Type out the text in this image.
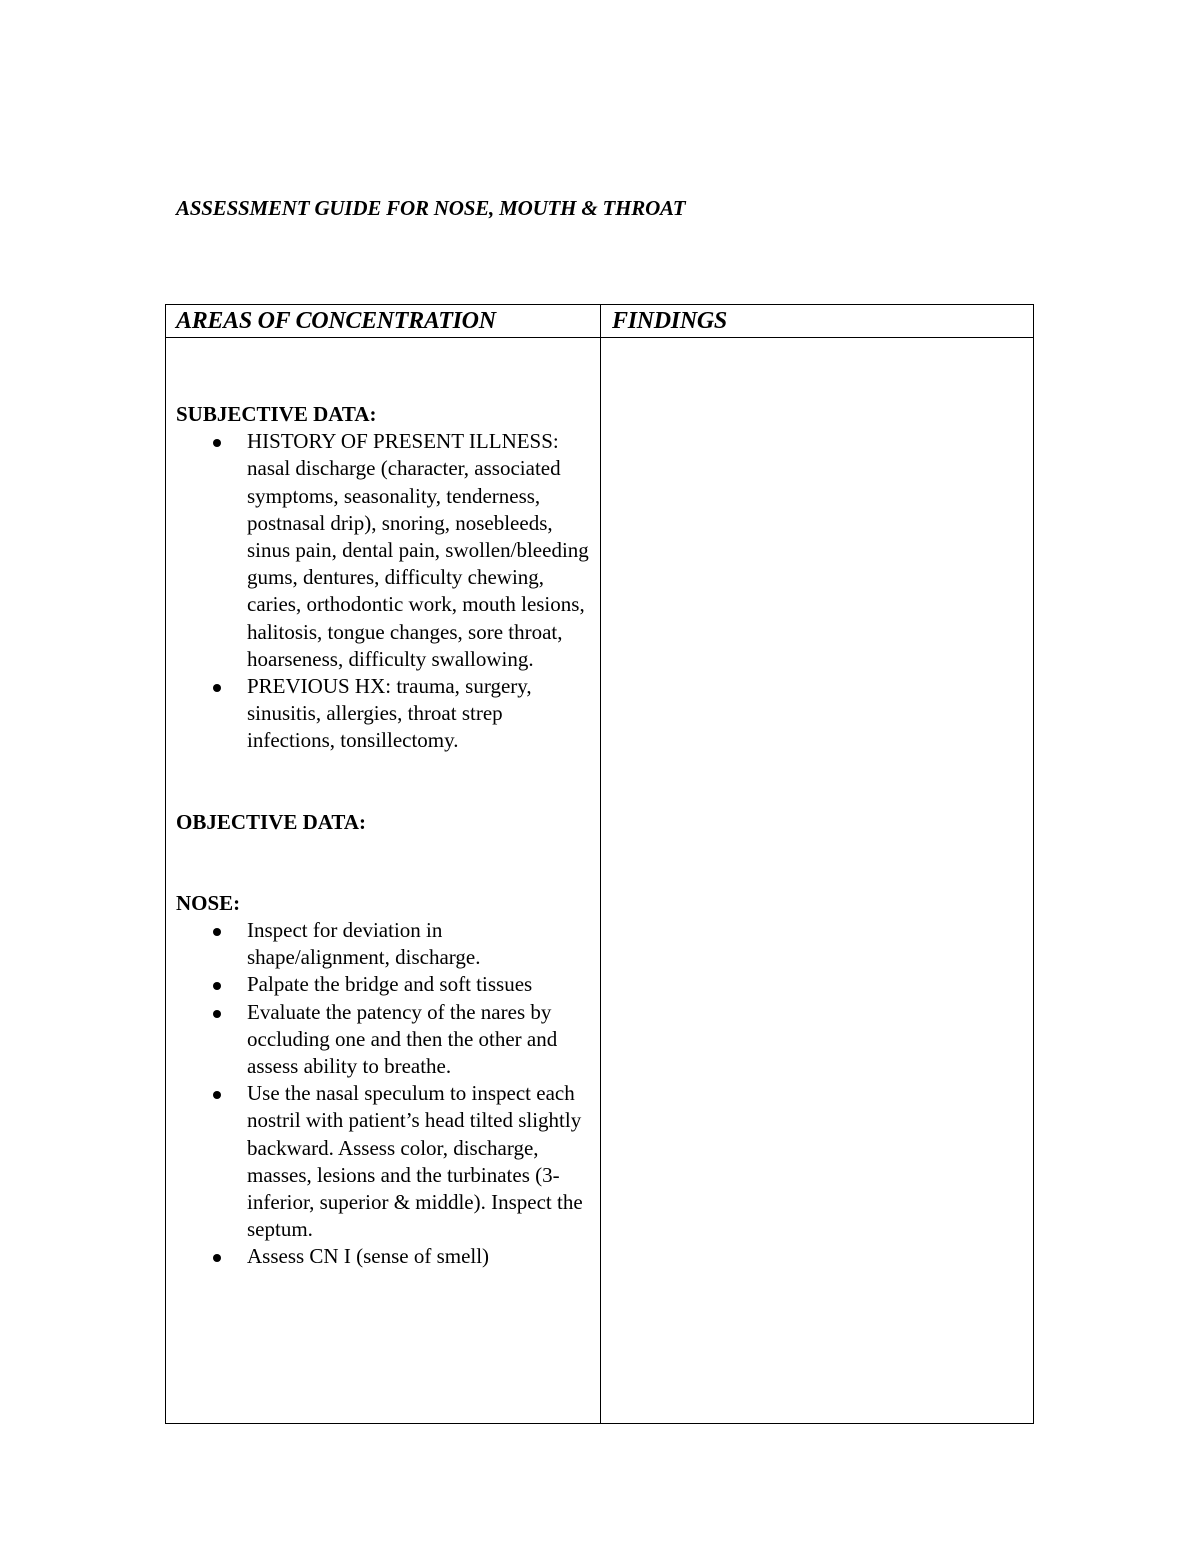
ASSESSMENT GUIDE FOR NOSE, MOUTH & THROAT
AREAS OF CONCENTRATION	FINDINGS

SUBJECTIVE DATA:

HISTORY OF PRESENT ILLNESS: nasal discharge (character, associated symptoms, seasonality, tenderness, postnasal drip), snoring, nosebleeds, sinus pain, dental pain, swollen/bleeding gums, dentures, difficulty chewing, caries, orthodontic work, mouth lesions, halitosis, tongue changes, sore throat, hoarseness, difficulty swallowing.
PREVIOUS HX: trauma, surgery, sinusitis, allergies, throat strep infections, tonsillectomy.

OBJECTIVE DATA:

NOSE:

Inspect for deviation in shape/alignment, discharge.
Palpate the bridge and soft tissues
Evaluate the patency of the nares by occluding one and then the other and assess ability to breathe.
Use the nasal speculum to inspect each nostril with patient’s head tilted slightly backward. Assess color, discharge, masses, lesions and the turbinates (3-inferior, superior & middle). Inspect the septum.
Assess CN I (sense of smell)
